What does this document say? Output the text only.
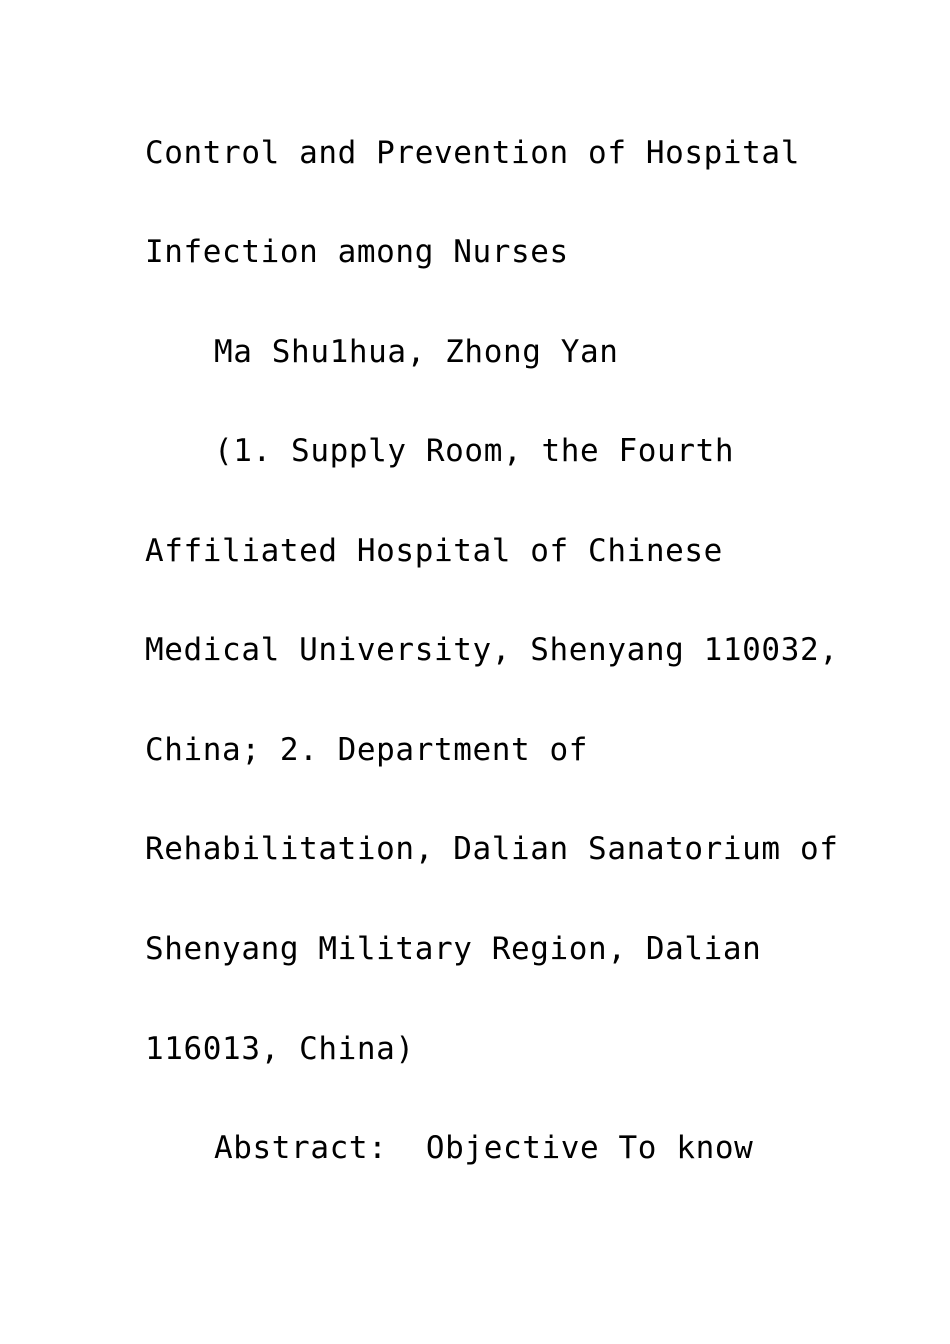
Control and Prevention of Hospital
Infection among Nurses
Ma Shu1hua, Zhong Yan
(1. Supply Room, the Fourth
Affiliated Hospital of Chinese
Medical University, Shenyang 110032,
China; 2. Department of
Rehabilitation, Dalian Sanatorium of
Shenyang Military Region, Dalian
116013, China)
Abstract:  Objective To know
